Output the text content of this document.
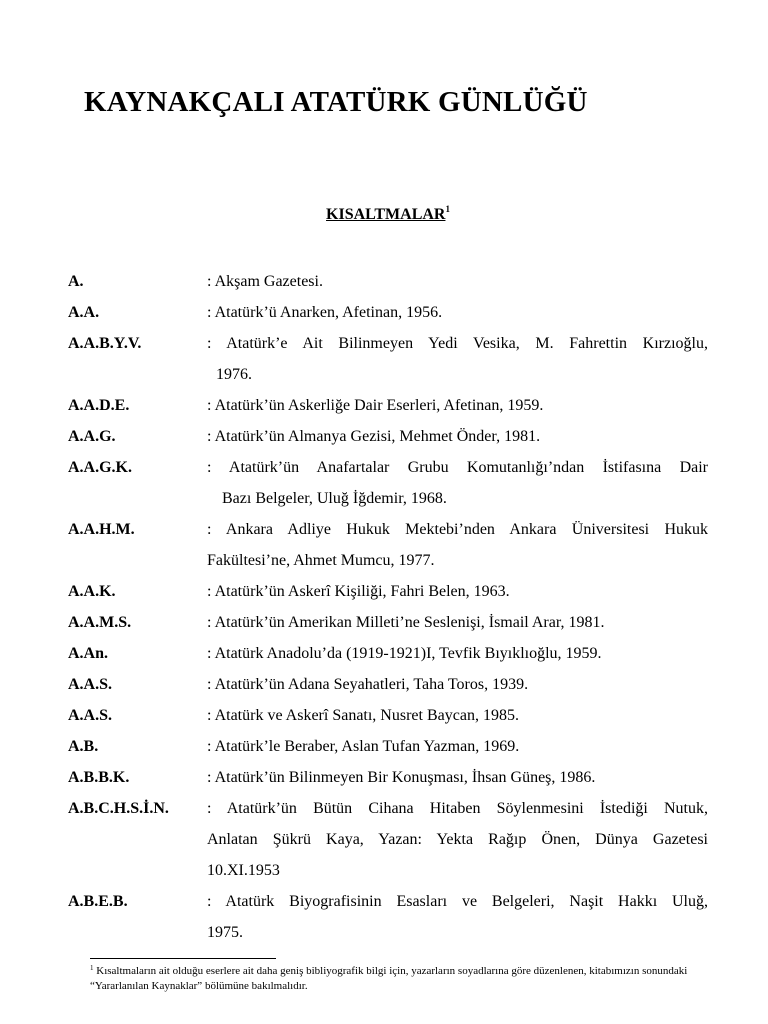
KAYNAKÇALI ATATÜRK GÜNLÜĞÜ
KISALTMALAR$^1$
A.	: Akşam Gazetesi.
A.A.	: Atatürk’ü Anarken, Afetinan, 1956.
A.A.B.Y.V.	: Atatürk’e Ait Bilinmeyen Yedi Vesika, M. Fahrettin Kırzıoğlu,
1976.
A.A.D.E.	: Atatürk’ün Askerliğe Dair Eserleri, Afetinan, 1959.
A.A.G.	: Atatürk’ün Almanya Gezisi, Mehmet Önder, 1981.
A.A.G.K.	: Atatürk’ün Anafartalar Grubu Komutanlığı’ndan İstifasına Dair
Bazı Belgeler, Uluğ İğdemir, 1968.
A.A.H.M.	: Ankara Adliye Hukuk Mektebi’nden Ankara Üniversitesi Hukuk
Fakültesi’ne, Ahmet Mumcu, 1977.
A.A.K.	: Atatürk’ün Askerî Kişiliği, Fahri Belen, 1963.
A.A.M.S.	: Atatürk’ün Amerikan Milleti’ne Seslenişi, İsmail Arar, 1981.
A.An.	: Atatürk Anadolu’da (1919-1921)I, Tevfik Bıyıklıoğlu, 1959.
A.A.S.	: Atatürk’ün Adana Seyahatleri, Taha Toros, 1939.
A.A.S.	: Atatürk ve Askerî Sanatı, Nusret Baycan, 1985.
A.B.	: Atatürk’le Beraber, Aslan Tufan Yazman, 1969.
A.B.B.K.	: Atatürk’ün Bilinmeyen Bir Konuşması, İhsan Güneş, 1986.
A.B.C.H.S.İ.N.	: Atatürk’ün Bütün Cihana Hitaben Söylenmesini İstediği Nutuk,
Anlatan Şükrü Kaya, Yazan: Yekta Rağıp Önen, Dünya Gazetesi
10.XI.1953
A.B.E.B.	: Atatürk Biyografisinin Esasları ve Belgeleri, Naşit Hakkı Uluğ,
1975.
$^1$ Kısaltmaların ait olduğu eserlere ait daha geniş bibliyografik bilgi için, yazarların soyadlarına göre düzenlenen, kitabımızın sonundaki “Yararlanılan Kaynaklar” bölümüne bakılmalıdır.
